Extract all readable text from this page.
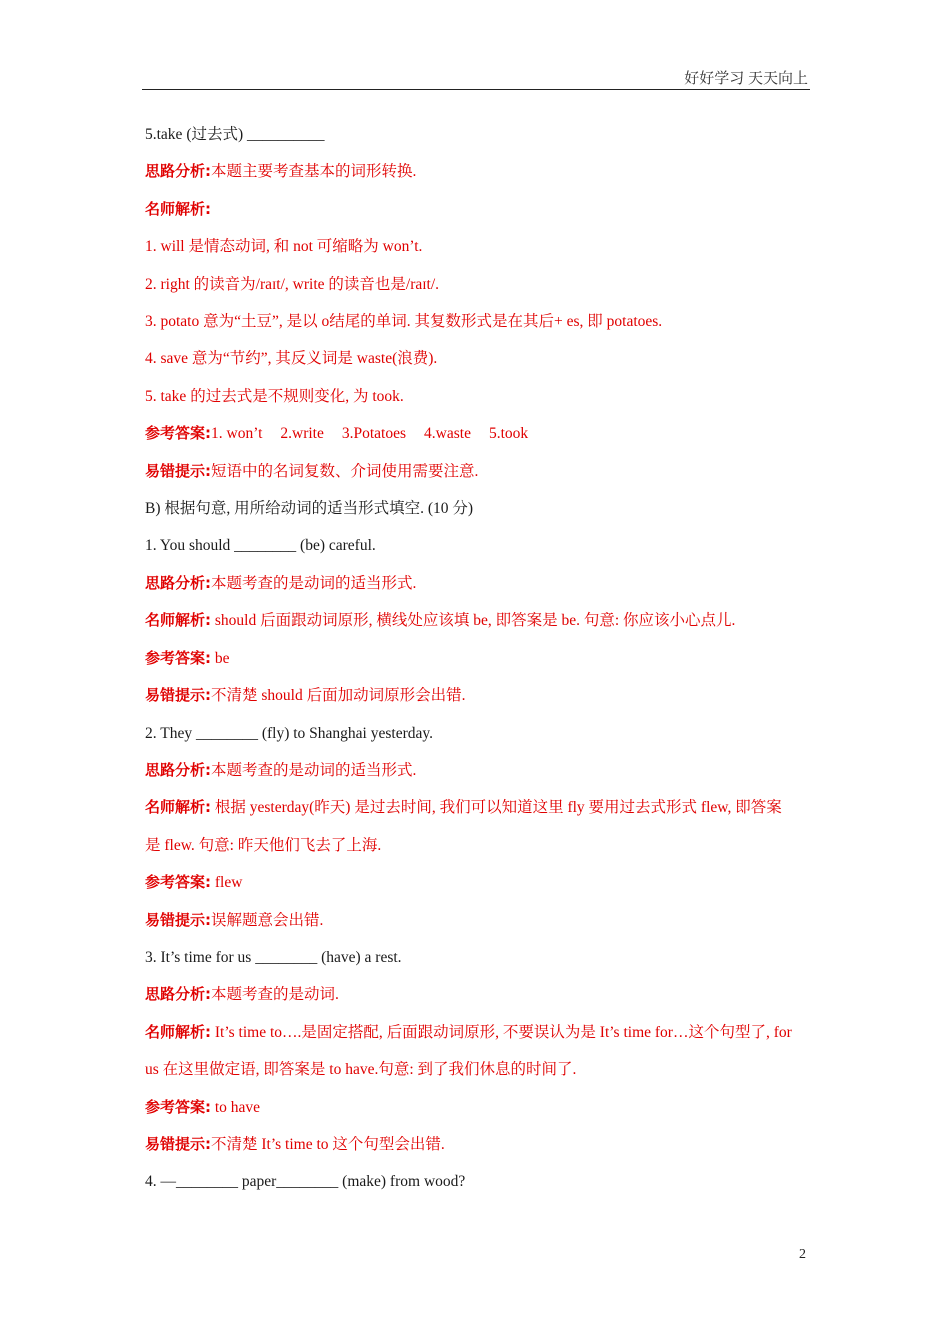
好好学习 天天向上
5.take (过去式) __________
思路分析:本题主要考查基本的词形转换.
名师解析:
1. will 是情态动词, 和 not 可缩略为 won’t.
2. right 的读音为/raɪt/, write 的读音也是/raɪt/.
3. potato 意为“土豆”, 是以 o结尾的单词. 其复数形式是在其后+ es, 即 potatoes.
4. save 意为“节约”, 其反义词是 waste(浪费).
5. take 的过去式是不规则变化, 为 took.
参考答案:1. won’t 2.write 3.Potatoes 4.waste 5.took
易错提示:短语中的名词复数、介词使用需要注意.
B) 根据句意, 用所给动词的适当形式填空. (10 分)
1. You should ________ (be) careful.
思路分析:本题考查的是动词的适当形式.
名师解析: should 后面跟动词原形, 横线处应该填 be, 即答案是 be. 句意: 你应该小心点儿.
参考答案: be
易错提示:不清楚 should 后面加动词原形会出错.
2. They ________ (fly) to Shanghai yesterday.
思路分析:本题考查的是动词的适当形式.
名师解析: 根据 yesterday(昨天) 是过去时间, 我们可以知道这里 fly 要用过去式形式 flew, 即答案是 flew. 句意: 昨天他们飞去了上海.
参考答案: flew
易错提示:误解题意会出错.
3. It’s time for us ________ (have) a rest.
思路分析:本题考查的是动词.
名师解析: It’s time to….是固定搭配, 后面跟动词原形, 不要误认为是 It’s time for…这个句型了, for us 在这里做定语, 即答案是 to have.句意: 到了我们休息的时间了.
参考答案: to have
易错提示:不清楚 It’s time to 这个句型会出错.
4. —________ paper________ (make) from wood?
2
